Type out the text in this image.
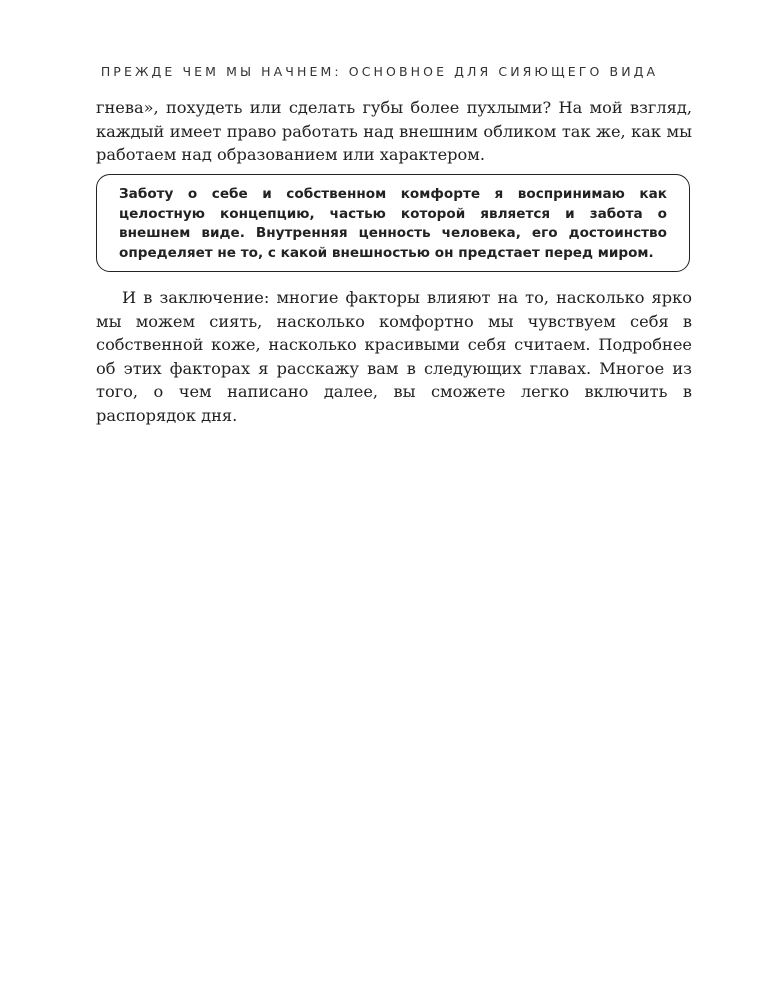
ПРЕЖДЕ ЧЕМ МЫ НАЧНЕМ: ОСНОВНОЕ ДЛЯ СИЯЮЩЕГО ВИДА

гнева», похудеть или сделать губы более пухлыми? На мой взгляд, каждый имеет право работать над внешним обликом так же, как мы работаем над образованием или характером.

Заботу о себе и собственном комфорте я воспринимаю как целостную концепцию, частью которой является и забота о внешнем виде. Внутренняя ценность человека, его достоинство определяет не то, с какой внешностью он предстает перед миром.

И в заключение: многие факторы влияют на то, насколько ярко мы можем сиять, насколько комфортно мы чувствуем себя в собственной коже, насколько красивыми себя считаем. Подробнее об этих факторах я расскажу вам в следующих главах. Многое из того, о чем написано далее, вы сможете легко включить в распорядок дня.
